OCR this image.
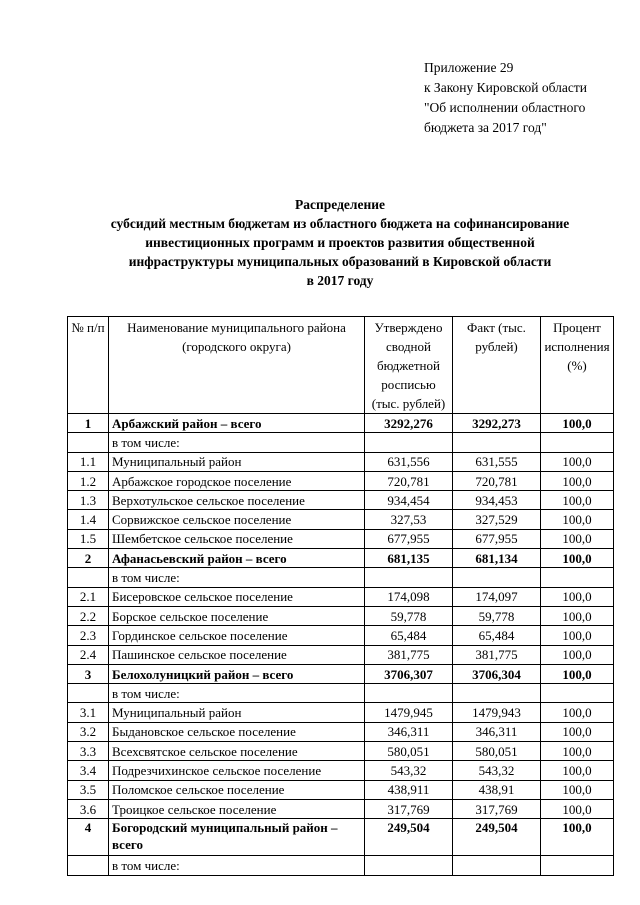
Приложение 29
к Закону Кировской области
"Об исполнении областного
бюджета за 2017 год"
Распределение
субсидий местным бюджетам из областного бюджета на софинансирование
инвестиционных программ и проектов развития общественной
инфраструктуры муниципальных образований в Кировской области
в 2017 году
№ п/п	Наименование муниципального района (городского округа)	Утверждено сводной бюджетной росписью (тыс. рублей)	Факт (тыс. рублей)	Процент исполнения (%)
1	Арбажский район – всего	3292,276	3292,273	100,0
	в том числе:			
1.1	Муниципальный район	631,556	631,555	100,0
1.2	Арбажское городское поселение	720,781	720,781	100,0
1.3	Верхотульское сельское поселение	934,454	934,453	100,0
1.4	Сорвижское сельское поселение	327,53	327,529	100,0
1.5	Шембетское сельское поселение	677,955	677,955	100,0
2	Афанасьевский район – всего	681,135	681,134	100,0
	в том числе:			
2.1	Бисеровское сельское поселение	174,098	174,097	100,0
2.2	Борское сельское поселение	59,778	59,778	100,0
2.3	Гординское сельское поселение	65,484	65,484	100,0
2.4	Пашинское сельское поселение	381,775	381,775	100,0
3	Белохолуницкий район – всего	3706,307	3706,304	100,0
	в том числе:			
3.1	Муниципальный район	1479,945	1479,943	100,0
3.2	Быдановское сельское поселение	346,311	346,311	100,0
3.3	Всехсвятское сельское поселение	580,051	580,051	100,0
3.4	Подрезчихинское сельское поселение	543,32	543,32	100,0
3.5	Поломское сельское поселение	438,911	438,91	100,0
3.6	Троицкое сельское поселение	317,769	317,769	100,0
4	Богородский муниципальный район – всего	249,504	249,504	100,0
	в том числе:			
